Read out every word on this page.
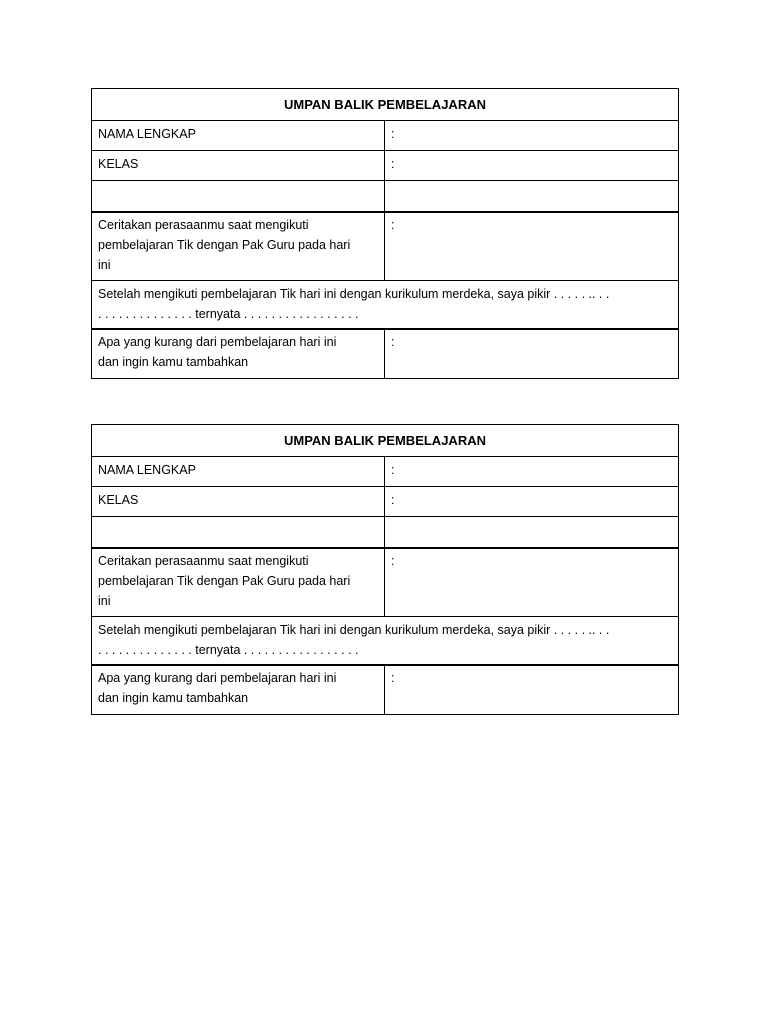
UMPAN BALIK PEMBELAJARAN	
NAMA LENGKAP	:
KELAS	:

Ceritakan perasaanmu saat mengikuti
pembelajaran Tik dengan Pak Guru pada hari
ini	:

Setelah mengikuti pembelajaran Tik hari ini dengan kurikulum merdeka, saya pikir . . . . . .. . .
. . . . . . . . . . . . . . ternyata . . . . . . . . . . . . . . . . .	

Apa yang kurang dari pembelajaran hari ini
dan ingin kamu tambahkan	:
UMPAN BALIK PEMBELAJARAN	
NAMA LENGKAP	:
KELAS	:

Ceritakan perasaanmu saat mengikuti
pembelajaran Tik dengan Pak Guru pada hari
ini	:

Setelah mengikuti pembelajaran Tik hari ini dengan kurikulum merdeka, saya pikir . . . . . .. . .
. . . . . . . . . . . . . . ternyata . . . . . . . . . . . . . . . . .	

Apa yang kurang dari pembelajaran hari ini
dan ingin kamu tambahkan	:
